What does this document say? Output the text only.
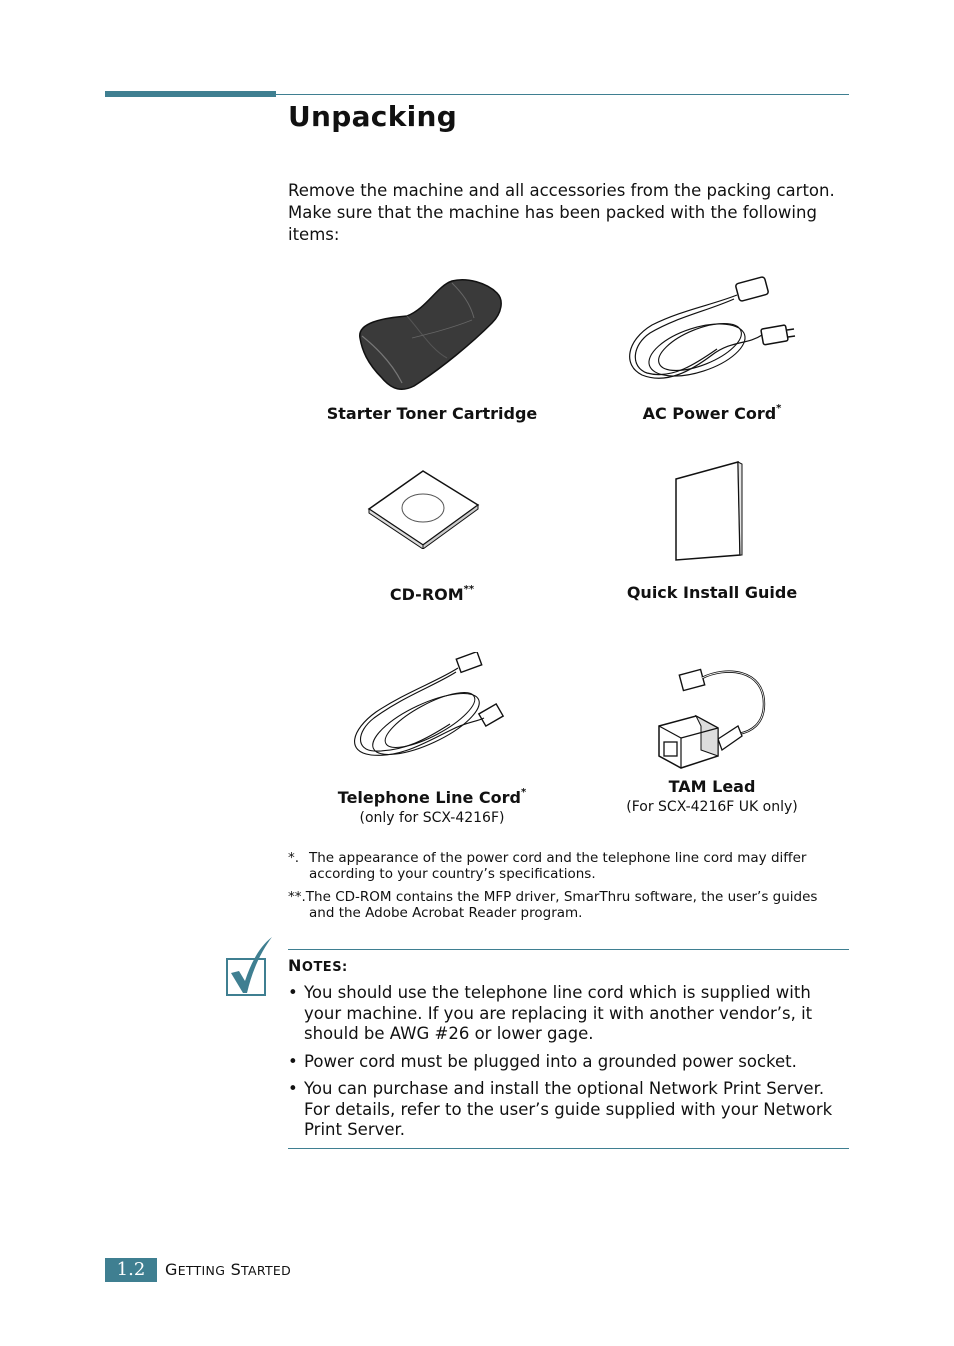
Unpacking

Remove the machine and all accessories from the packing carton. Make sure that the machine has been packed with the following items:

Starter Toner Cartridge	AC Power Cord*
CD-ROM**	Quick Install Guide
Telephone Line Cord*
(only for SCX-4216F)
TAM Lead
(For SCX-4216F UK only)
*. The appearance of the power cord and the telephone line cord may differ
according to your country’s specifications.
**.The CD-ROM contains the MFP driver, SmarThru software, the user’s guides
and the Adobe Acrobat Reader program.
NOTES:
• You should use the telephone line cord which is supplied with your machine. If you are replacing it with another vendor’s, it should be AWG #26 or lower gage.
• Power cord must be plugged into a grounded power socket.
• You can purchase and install the optional Network Print Server. For details, refer to the user’s guide supplied with your Network Print Server.
1.2	GETTING STARTED
